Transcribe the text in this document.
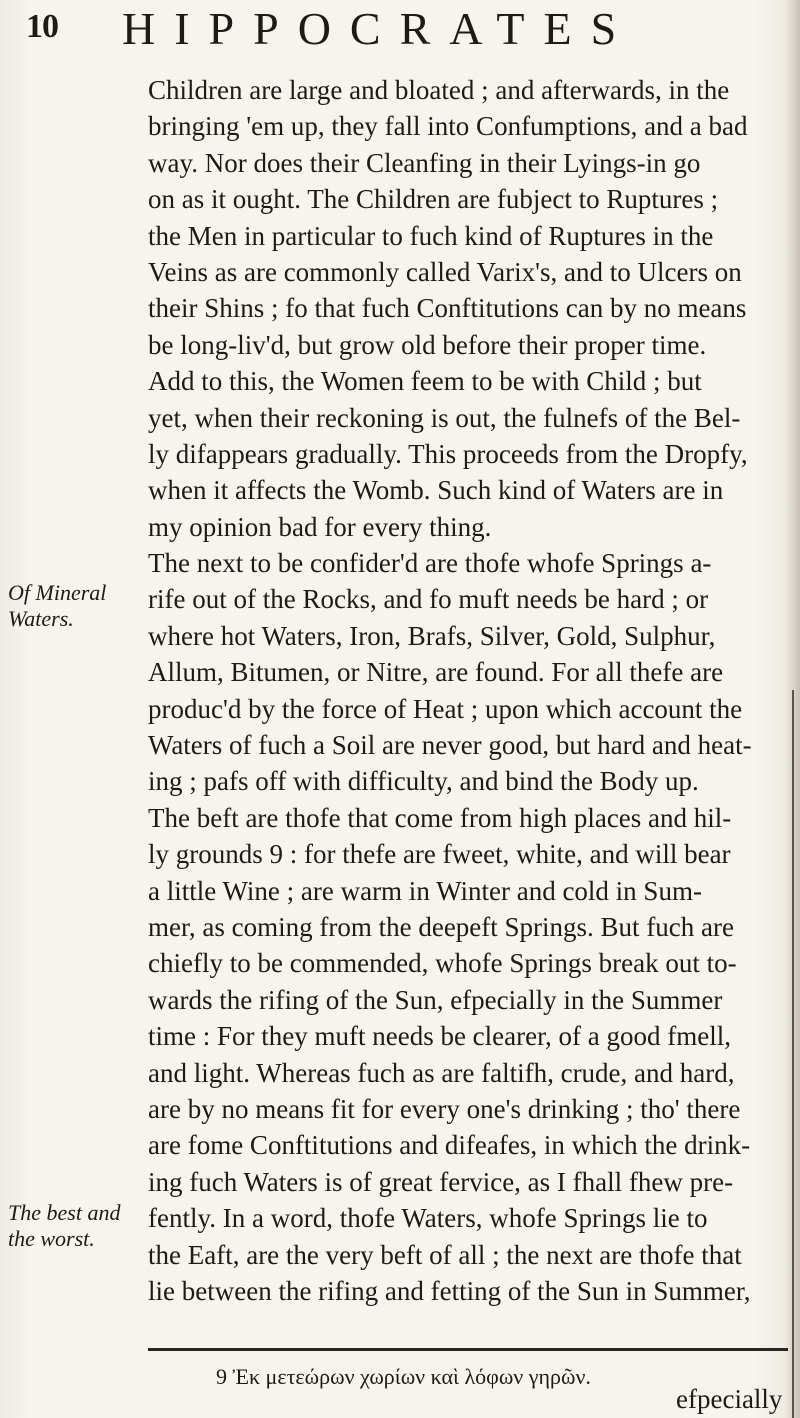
10 HIPPOCRATES
Of Mineral Waters.
The best and the worst.
Children are large and bloated ; and afterwards, in the
bringing 'em up, they fall into Confumptions, and a bad
way. Nor does their Cleanfing in their Lyings-in go
on as it ought. The Children are fubject to Ruptures ;
the Men in particular to fuch kind of Ruptures in the
Veins as are commonly called Varix's, and to Ulcers on
their Shins ; fo that fuch Conftitutions can by no means
be long-liv'd, but grow old before their proper time.
Add to this, the Women feem to be with Child ; but
yet, when their reckoning is out, the fulnefs of the Bel-
ly difappears gradually. This proceeds from the Dropfy,
when it affects the Womb. Such kind of Waters are in
my opinion bad for every thing.
The next to be confider'd are thofe whofe Springs a-
rife out of the Rocks, and fo muft needs be hard ; or
where hot Waters, Iron, Brafs, Silver, Gold, Sulphur,
Allum, Bitumen, or Nitre, are found. For all thefe are
produc'd by the force of Heat ; upon which account the
Waters of fuch a Soil are never good, but hard and heat-
ing ; pafs off with difficulty, and bind the Body up.
The beft are thofe that come from high places and hil-
ly grounds 9 : for thefe are fweet, white, and will bear
a little Wine ; are warm in Winter and cold in Sum-
mer, as coming from the deepeft Springs. But fuch are
chiefly to be commended, whofe Springs break out to-
wards the rifing of the Sun, efpecially in the Summer
time : For they muft needs be clearer, of a good fmell,
and light. Whereas fuch as are faltifh, crude, and hard,
are by no means fit for every one's drinking ; tho' there
are fome Conftitutions and difeafes, in which the drink-
ing fuch Waters is of great fervice, as I fhall fhew pre-
fently. In a word, thofe Waters, whofe Springs lie to
the Eaft, are the very beft of all ; the next are thofe that
lie between the rifing and fetting of the Sun in Summer,
9 Ἐκ μετεώρων χωρίων καὶ λόφων γηρῶν.
efpecially
